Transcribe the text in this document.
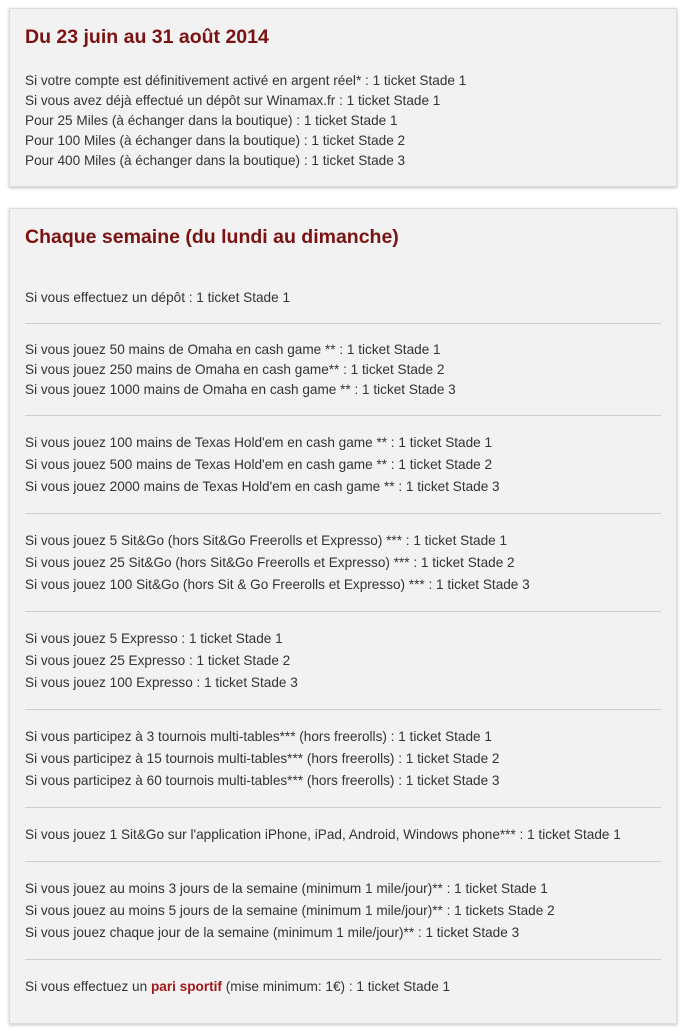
Du 23 juin au 31 août 2014
Si votre compte est définitivement activé en argent réel* : 1 ticket Stade 1
Si vous avez déjà effectué un dépôt sur Winamax.fr : 1 ticket Stade 1
Pour 25 Miles (à échanger dans la boutique) : 1 ticket Stade 1
Pour 100 Miles (à échanger dans la boutique) : 1 ticket Stade 2
Pour 400 Miles (à échanger dans la boutique) : 1 ticket Stade 3
Chaque semaine (du lundi au dimanche)
Si vous effectuez un dépôt : 1 ticket Stade 1
Si vous jouez 50 mains de Omaha en cash game ** : 1 ticket Stade 1
Si vous jouez 250 mains de Omaha en cash game** : 1 ticket Stade 2
Si vous jouez 1000 mains de Omaha en cash game ** : 1 ticket Stade 3
Si vous jouez 100 mains de Texas Hold'em en cash game ** : 1 ticket Stade 1
Si vous jouez 500 mains de Texas Hold'em en cash game ** : 1 ticket Stade 2
Si vous jouez 2000 mains de Texas Hold'em en cash game ** : 1 ticket Stade 3
Si vous jouez 5 Sit&Go (hors Sit&Go Freerolls et Expresso) *** : 1 ticket Stade 1
Si vous jouez 25 Sit&Go (hors Sit&Go Freerolls et Expresso) *** : 1 ticket Stade 2
Si vous jouez 100 Sit&Go (hors Sit & Go Freerolls et Expresso) *** : 1 ticket Stade 3
Si vous jouez 5 Expresso : 1 ticket Stade 1
Si vous jouez 25 Expresso : 1 ticket Stade 2
Si vous jouez 100 Expresso : 1 ticket Stade 3
Si vous participez à 3 tournois multi-tables*** (hors freerolls) : 1 ticket Stade 1
Si vous participez à 15 tournois multi-tables*** (hors freerolls) : 1 ticket Stade 2
Si vous participez à 60 tournois multi-tables*** (hors freerolls) : 1 ticket Stade 3
Si vous jouez 1 Sit&Go sur l'application iPhone, iPad, Android, Windows phone*** : 1 ticket Stade 1
Si vous jouez au moins 3 jours de la semaine (minimum 1 mile/jour)** : 1 ticket Stade 1
Si vous jouez au moins 5 jours de la semaine (minimum 1 mile/jour)** : 1 tickets Stade 2
Si vous jouez chaque jour de la semaine (minimum 1 mile/jour)** : 1 ticket Stade 3
Si vous effectuez un pari sportif (mise minimum: 1€) : 1 ticket Stade 1
